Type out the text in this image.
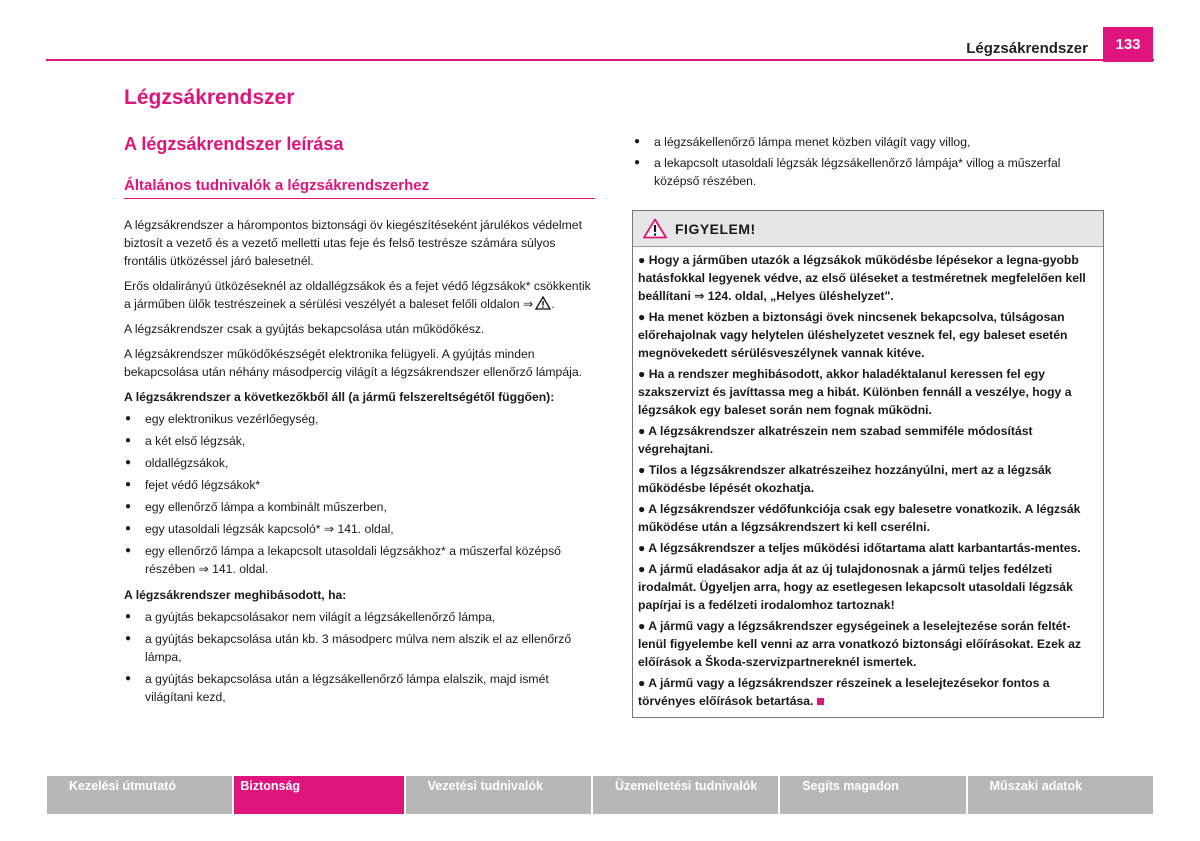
Légzsákrendszer	133
Légzsákrendszer
A légzsákrendszer leírása
Általános tudnivalók a légzsákrendszerhez

A légzsákrendszer a hárompontos biztonsági öv kiegészítéseként járulékos védelmet biztosít a vezető és a vezető melletti utas feje és felső testrésze számára súlyos frontális ütközéssel járó balesetnél.

Erős oldalirányú ütközéseknél az oldallégzsákok és a fejet védő légzsákok* csökkentik a járműben ülők testrészeinek a sérülési veszélyét a baleset felőli oldalon ⇒ .

A légzsákrendszer csak a gyújtás bekapcsolása után működőkész.

A légzsákrendszer működőkészségét elektronika felügyeli. A gyújtás minden bekapcsolása után néhány másodpercig világít a légzsákrendszer ellenőrző lámpája.

A légzsákrendszer a következőkből áll (a jármű felszereltségétől függően):

● egy elektronikus vezérlőegység,
● a két első légzsák,
● oldallégzsákok,
● fejet védő légzsákok*
● egy ellenőrző lámpa a kombinált műszerben,
● egy utasoldali légzsák kapcsoló* ⇒ 141. oldal,
● egy ellenőrző lámpa a lekapcsolt utasoldali légzsákhoz* a műszerfal középső részében ⇒ 141. oldal.

A légzsákrendszer meghibásodott, ha:

● a gyújtás bekapcsolásakor nem világít a légzsákellenőrző lámpa,
● a gyújtás bekapcsolása után kb. 3 másodperc múlva nem alszik el az ellenőrző lámpa,
● a gyújtás bekapcsolása után a légzsákellenőrző lámpa elalszik, majd ismét világítani kezd,
● a légzsákellenőrző lámpa menet közben világít vagy villog,
● a lekapcsolt utasoldali légzsák légzsákellenőrző lámpája* villog a műszerfal középső részében.
FIGYELEM!

● Hogy a járműben utazók a légzsákok működésbe lépésekor a legna-gyobb hatásfokkal legyenek védve, az első üléseket a testméretnek megfelelően kell beállítani ⇒ 124. oldal, „Helyes üléshelyzet".

● Ha menet közben a biztonsági övek nincsenek bekapcsolva, túlságosan előrehajolnak vagy helytelen üléshelyzetet vesznek fel, egy baleset esetén megnövekedett sérülésveszélynek vannak kitéve.

● Ha a rendszer meghibásodott, akkor haladéktalanul keressen fel egy szakszervizt és javíttassa meg a hibát. Különben fennáll a veszélye, hogy a légzsákok egy baleset során nem fognak működni.

● A légzsákrendszer alkatrészein nem szabad semmiféle módosítást végrehajtani.

● Tilos a légzsákrendszer alkatrészeihez hozzányúlni, mert az a légzsák működésbe lépését okozhatja.

● A légzsákrendszer védőfunkciója csak egy balesetre vonatkozik. A légzsák működése után a légzsákrendszert ki kell cserélni.

● A légzsákrendszer a teljes működési időtartama alatt karbantartás-mentes.

● A jármű eladásakor adja át az új tulajdonosnak a jármű teljes fedélzeti irodalmát. Ügyeljen arra, hogy az esetlegesen lekapcsolt utasoldali légzsák papírjai is a fedélzeti irodalomhoz tartoznak!

● A jármű vagy a légzsákrendszer egységeinek a leselejtezése során feltét-lenül figyelembe kell venni az arra vonatkozó biztonsági előírásokat. Ezek az előírások a Škoda-szervizpartnereknél ismertek.

● A jármű vagy a légzsákrendszer részeinek a leselejtezésekor fontos a törvényes előírások betartása.

Kezelési útmutató	Biztonság	Vezetési tudnivalók	Üzemeltetési tudnivalók	Segíts magadon	Műszaki adatok
